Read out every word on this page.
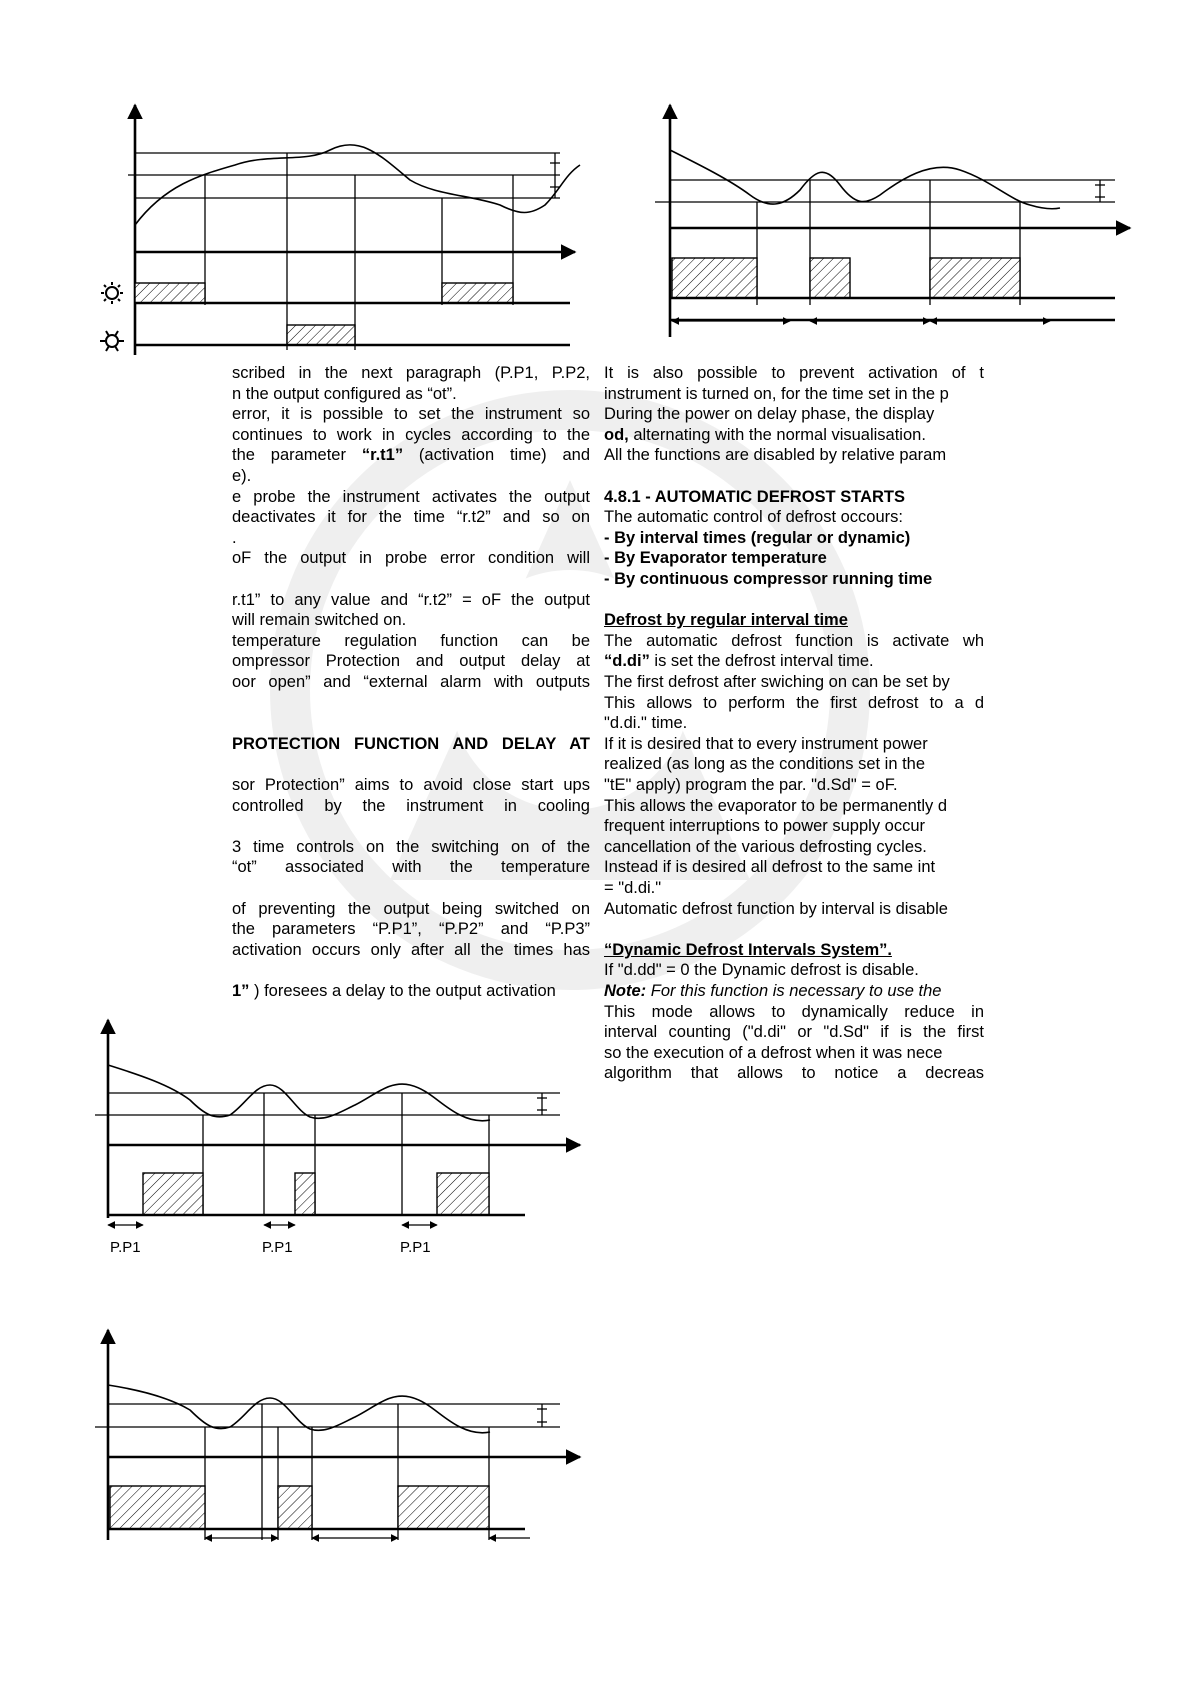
scribed in the next paragraph (P.P1, P.P2,
n the output configured as “ot”.
error, it is possible to set the instrument so
continues to work in cycles according to the
the parameter “r.t1” (activation time) and
e).
e probe the instrument activates the output
deactivates it for the time “r.t2” and so on
.
oF the output in probe error condition will
r.t1” to any value and “r.t2” = oF the output
will remain switched on.
temperature regulation function can be
ompressor Protection and output delay at
oor open” and “external alarm with outputs
PROTECTION FUNCTION AND DELAY AT
sor Protection” aims to avoid close start ups
controlled by the instrument in cooling
3 time controls on the switching on of the
“ot” associated with the temperature
of preventing the output being switched on
the parameters “P.P1”, “P.P2” and “P.P3”
activation occurs only after all the times has
1” ) foresees a delay to the output activation
It is also possible to prevent activation of t
instrument is turned on, for the time set in the p
During the power on delay phase, the display
od, alternating with the normal visualisation.
All the functions are disabled by relative param
4.8.1 - AUTOMATIC DEFROST STARTS
The automatic control of defrost occours:
- By interval times (regular or dynamic)
- By Evaporator temperature
- By continuous compressor running time
Defrost by regular interval time
The automatic defrost function is activate wh
“d.di” is set the defrost interval time.
The first defrost after swiching on can be set by
This allows to perform the first defrost to a d
"d.di." time.
If it is desired that to every instrument power
realized (as long as the conditions set in the
"tE" apply) program the par. "d.Sd" = oF.
This allows the evaporator to be permanently d
frequent interruptions to power supply occur
cancellation of the various defrosting cycles.
Instead if is desired all defrost to the same int
= "d.di."
Automatic defrost function by interval is disable
“Dynamic Defrost Intervals System”.
If "d.dd" = 0 the Dynamic defrost is disable.
Note: For this function is necessary to use the
This mode allows to dynamically reduce in
interval counting ("d.di" or "d.Sd" if is the first
so the execution of a defrost when it was nece
algorithm that allows to notice a decreas
P.P1	P.P1	P.P1
